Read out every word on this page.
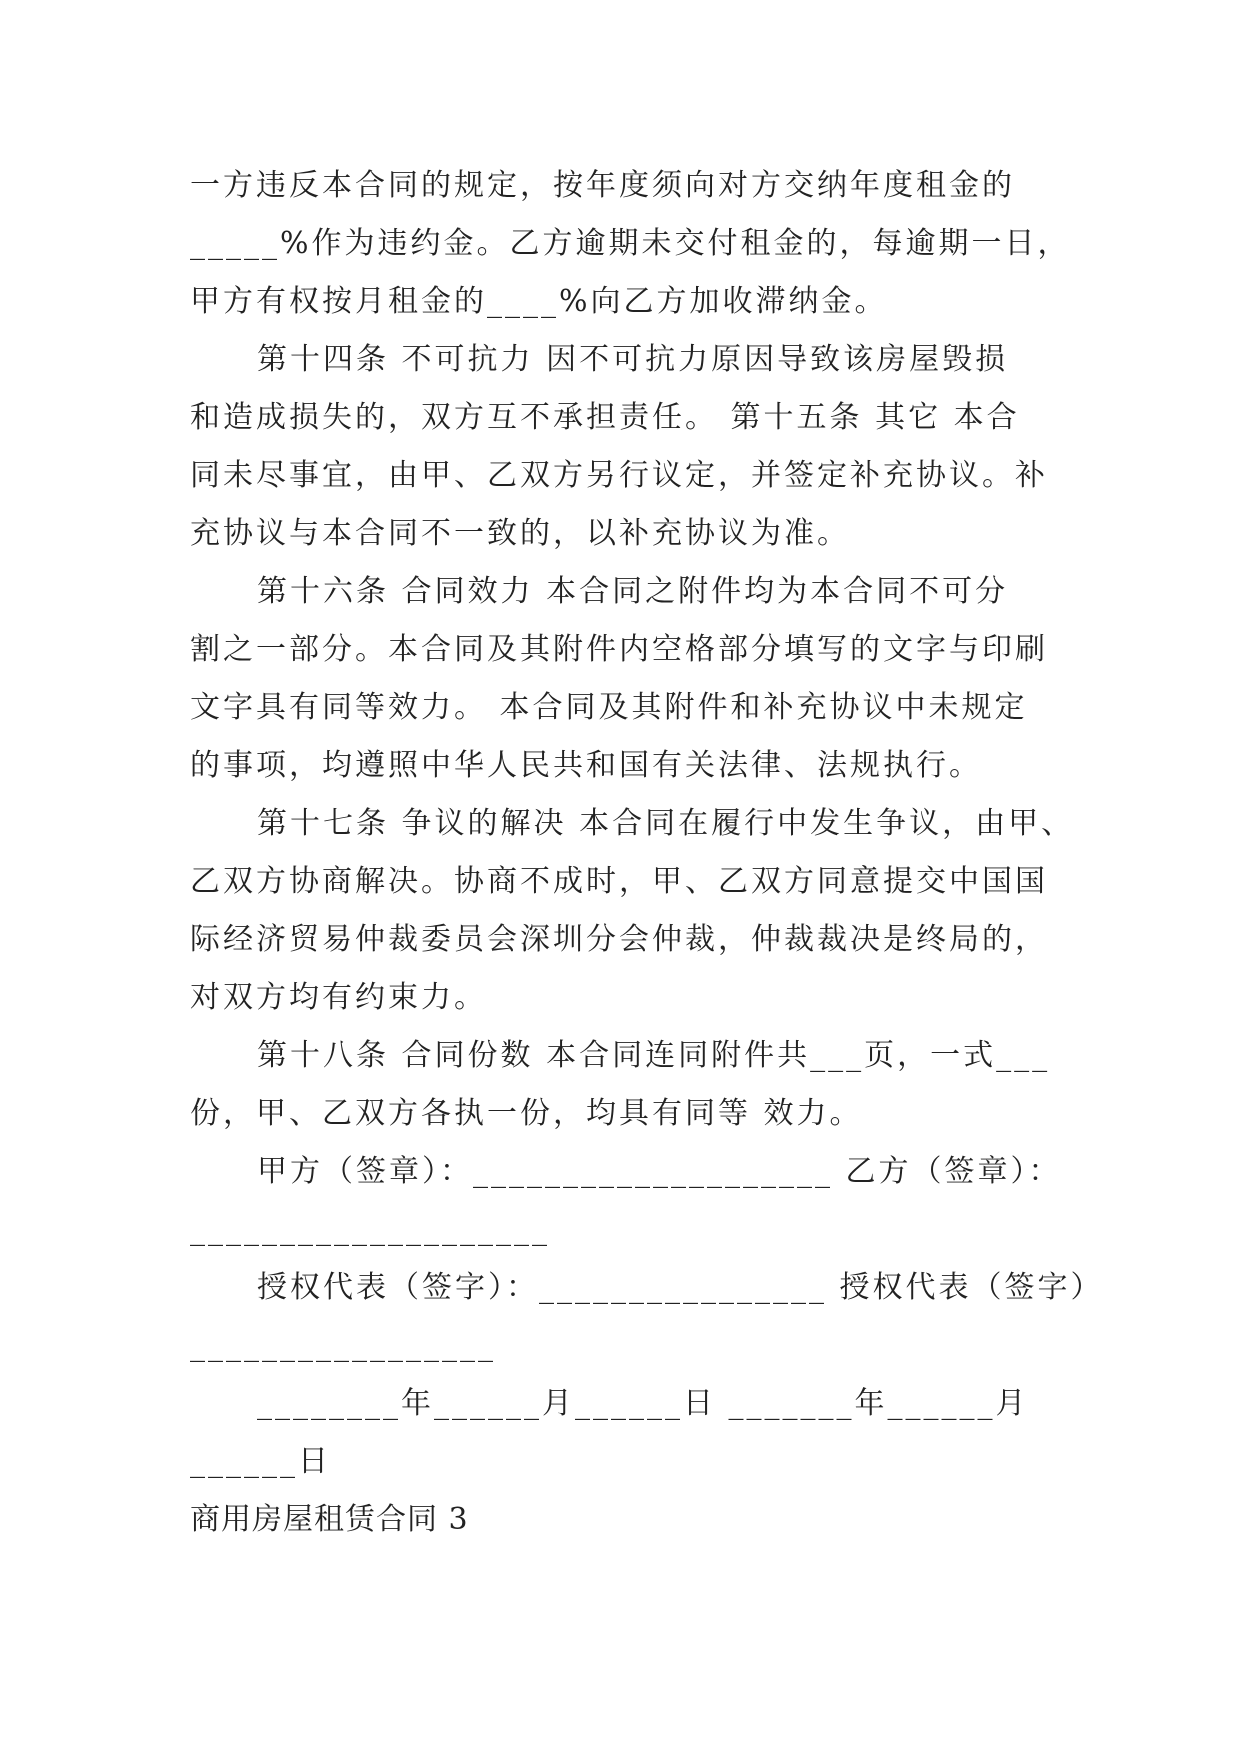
一方违反本合同的规定，按年度须向对方交纳年度租金的
_____%作为违约金。乙方逾期未交付租金的，每逾期一日，
甲方有权按月租金的____%向乙方加收滞纳金。
第十四条 不可抗力 因不可抗力原因导致该房屋毁损
和造成损失的，双方互不承担责任。 第十五条 其它 本合
同未尽事宜，由甲、乙双方另行议定，并签定补充协议。补
充协议与本合同不一致的，以补充协议为准。
第十六条 合同效力 本合同之附件均为本合同不可分
割之一部分。本合同及其附件内空格部分填写的文字与印刷
文字具有同等效力。 本合同及其附件和补充协议中未规定
的事项，均遵照中华人民共和国有关法律、法规执行。
第十七条 争议的解决 本合同在履行中发生争议，由甲、
乙双方协商解决。协商不成时，甲、乙双方同意提交中国国
际经济贸易仲裁委员会深圳分会仲裁，仲裁裁决是终局的，
对双方均有约束力。
第十八条 合同份数 本合同连同附件共___页，一式___
份，甲、乙双方各执一份，均具有同等 效力。
甲方（签章）：____________________ 乙方（签章）：
____________________
授权代表（签字）：________________ 授权代表（签字）
_________________
________年______月______日 _______年______月
______日
商用房屋租赁合同 3
